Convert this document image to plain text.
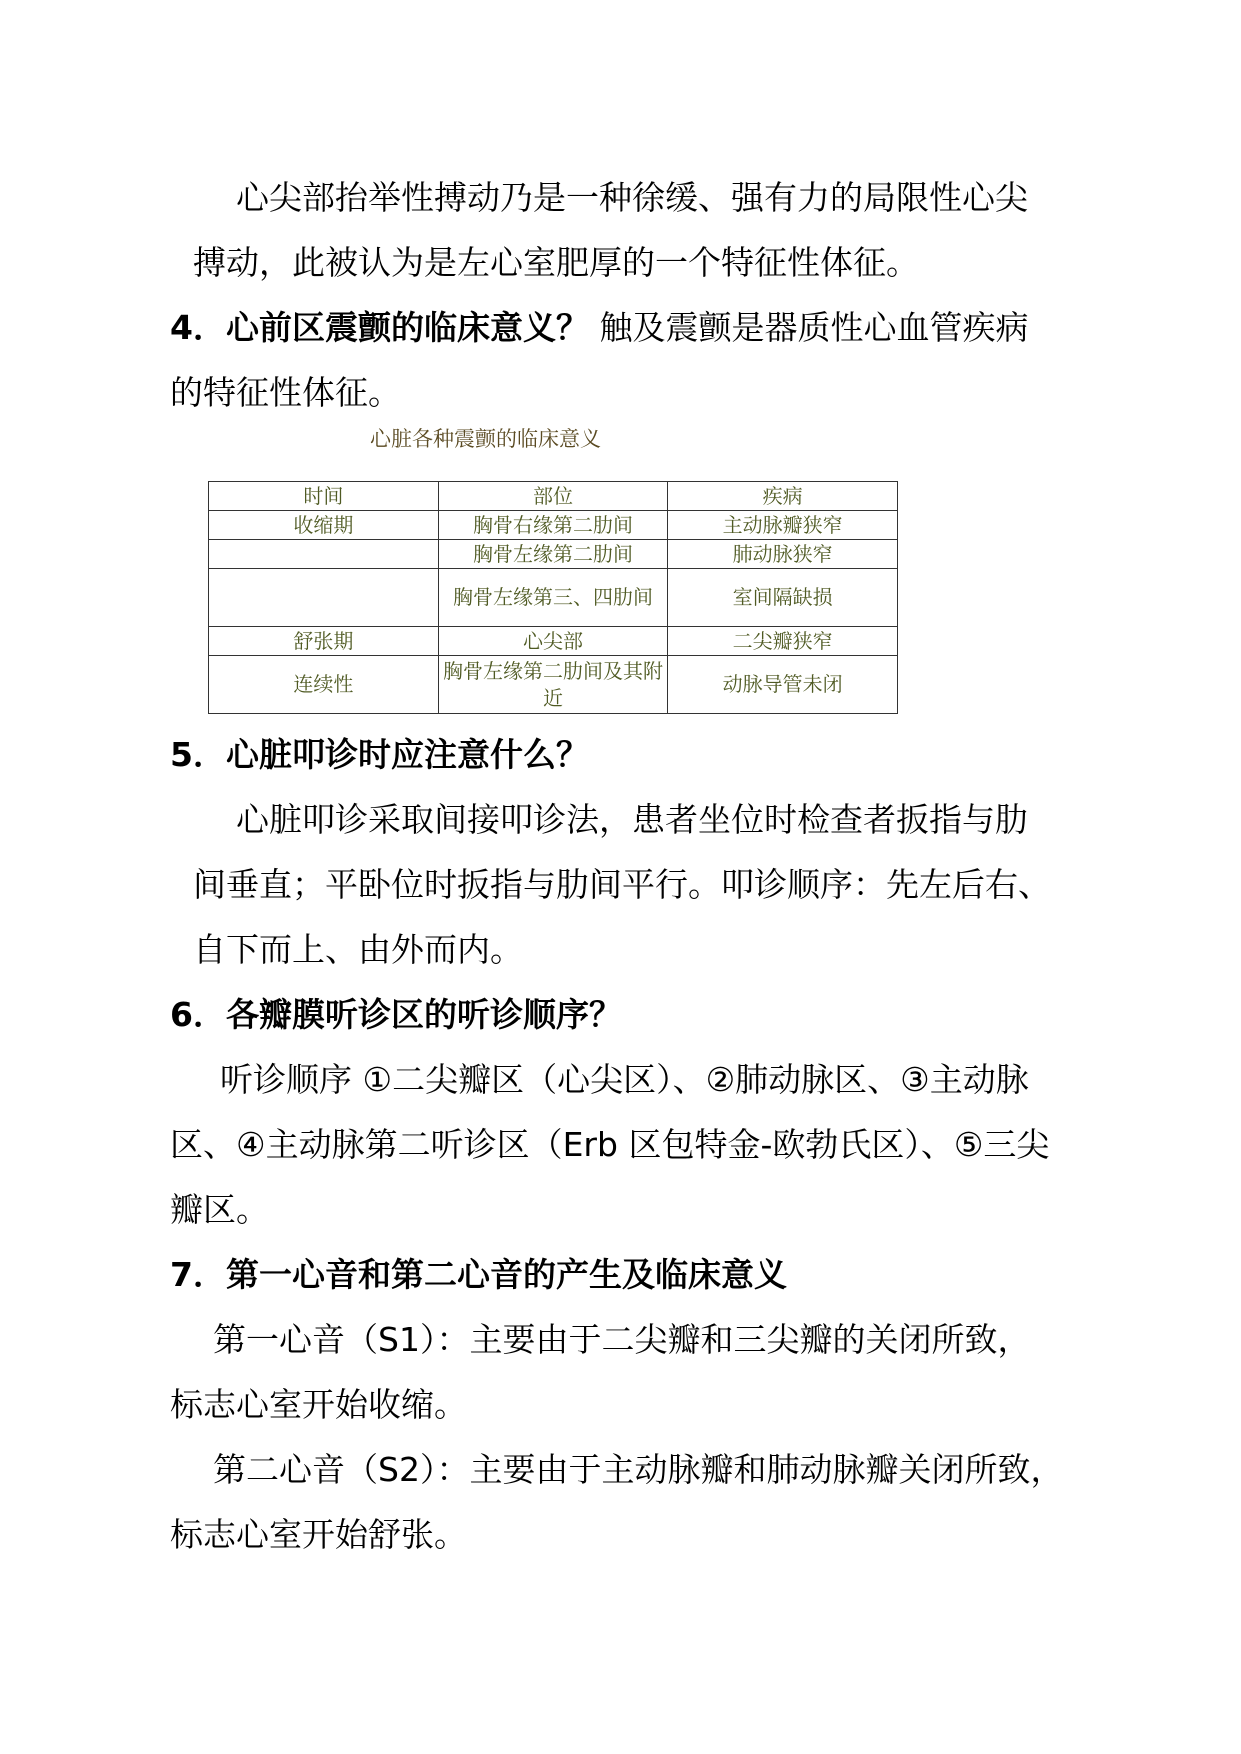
心尖部抬举性搏动乃是一种徐缓、强有力的局限性心尖
搏动，此被认为是左心室肥厚的一个特征性体征。
4．心前区震颤的临床意义？ 触及震颤是器质性心血管疾病
的特征性体征。
心脏各种震颤的临床意义
时间	部位	疾病
收缩期	胸骨右缘第二肋间	主动脉瓣狭窄
	胸骨左缘第二肋间	肺动脉狭窄
	胸骨左缘第三、四肋间	室间隔缺损
舒张期	心尖部	二尖瓣狭窄
连续性	胸骨左缘第二肋间及其附近	动脉导管未闭
5．心脏叩诊时应注意什么？
心脏叩诊采取间接叩诊法，患者坐位时检查者扳指与肋
间垂直；平卧位时扳指与肋间平行。叩诊顺序：先左后右、
自下而上、由外而内。
6．各瓣膜听诊区的听诊顺序？
听诊顺序 ①二尖瓣区（心尖区）、②肺动脉区、③主动脉
区、④主动脉第二听诊区（Erb 区包特金-欧勃氏区）、⑤三尖
瓣区。
7．第一心音和第二心音的产生及临床意义
第一心音（S1）：主要由于二尖瓣和三尖瓣的关闭所致，
标志心室开始收缩。
第二心音（S2）：主要由于主动脉瓣和肺动脉瓣关闭所致，
标志心室开始舒张。
